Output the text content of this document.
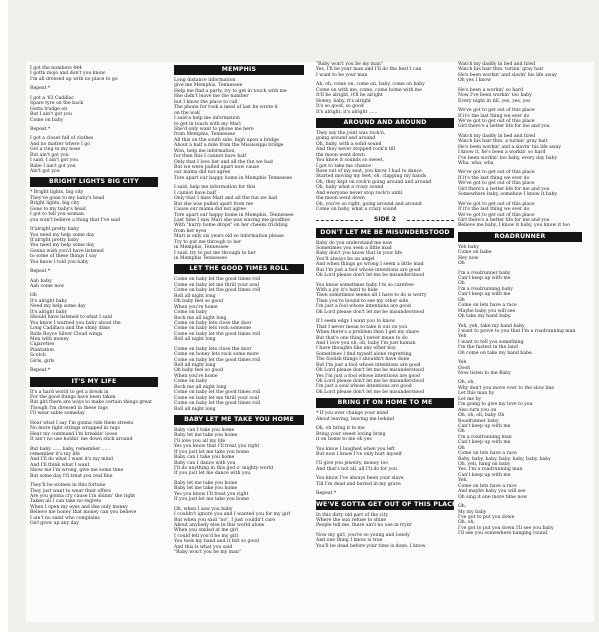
I got the numbers 444
I gotta mojo and don't you know
I'm all dressed up with no place to go
Repeat *
I got a '63 Cadillac
Spare tyre on the back
Gotta trudge on
But I ain't got you
Come on baby
Repeat *
I got a closet full of clothes
And no matter where I go
Got a ring in my nose
But ain't got you
I said, I ain't got you
Babe I ain't got you
Ain't got you
BRIGHT LIGHTS BIG CITY
* Bright lights, big city
They've gone to my baby's head
Bright lights, big city
Gone to my baby's head
I got to tell you woman
you won't believe a thing that I've said
It'alright pretty baby
You need my help some day
It'alright pretty baby
You need my help some day
Gonna wish you'd have listened
to some of these things I say
You know I told you baby
Repeat *
Aah baby
Aah come now
Oh
It's alright baby
Need my help some day
It's alright baby
Should have listened to what I said
You know I warned you baby about the
Long Cadillacs and the shiny dims
Rolls Royce Silver Cloud wings
Men with money
Cigarettes
Plantation
Scotch
Girls, girls
Repeat *
IT'S MY LIFE
It's a hard world to get a break in
For the good things have been taken
But girl there are ways to make certain things great
Though I'm dressed in these rags
I'll wear sable someday
Hear what I say I'm gonna ride them streets
No more tight strings wrapped in rags
Hear my command I'm breakin' loose
It ain't no use holdin' me down stick around
But baby ...... baby, remember ......
remember it's my life
And I'll do what I want it's my mind
And I'll think what I want
Show me I'm wrong, give me some time
But some day I'll treat you real fine
They'll be women in this fortune
They just want to wear their offers
Are you gonna cry cause I'm shinin' the right
Taken all I can take no regrets
When I open my eyes and like only money
Believe me honey that money can you believe
I ain't no saint who complains
Girl grow up any day
MEMPHIS
Long distance information
give me Memphis, Tennessee
Help me find a party, try to get in touch with me
She didn't leave me the number
but I know the place to call
The phone for took a meal of last he wrote it
on the wall
I said-a help me information
to get in touch with my Mari
She'd only want to phone me here
from Memphis, Tennessee
All this on the south side, high upon a bridge
About a half a mile from the Mississippi bridge
Won, help me information,
for then this I cannot have half
Only that I love her and all the fun we had
But we were pulled apart now cause
our mama did not agree
Tore apart our happy home in Memphis Tennessee
I said, help me information for this
I cannot have half
Only that I miss Mari and all the fun we had
But she was pulled apart from me
Cause our mama did not agree
Tore apart our happy home in Memphis, Tennessee
Last time I saw Mari she was waving me goodbye
With "hurry home drops" on her cheeks trickling
from her eyes
Mari is only six years old so information please
Try to put me through to her
in Memphis, Tennessee
I said, try to put me through to her
in Memphis Tennessee
LET THE GOOD TIMES ROLL
Come on baby let the good times roll
Come on baby let me thrill your soul
Come on baby let the good times roll
Roll all night long
Oh baby feel so good
When you're home
Come on baby
Rock me all night long
Come on baby lets close the door
Come on baby lets rock someone
Come on baby let the good times roll
Roll all night long
Come on baby lets close the door
Come on honey lets rock some more
Come on baby let the good times roll
Roll all night long
Oh baby feel so good
When you're home
Come on baby
Rock me all night long
Come on baby let the good times roll
Come on baby let me thrill your soul
Come on baby let the good times roll
Roll all night long
BABY LET ME TAKE YOU HOME
Baby can I take you home
Baby let me take you home
I'll love you all my life
Yes you know that I'll treat you right
If you just let me take you home
Baby can I take you home
Baby can I dance with you
I'll do anything in this god o' mighty world
If you just let me dance with you
Baby let me take you home
Baby let me take you home
Yes you know I'll treat you right
If you just let me take you home
Oh, when I saw you baby
I couldn't ignore you and I wanted you for my girl
But when you said "no", I just couldn't care
About anybody else in this world alone
When you smiled at me girl
I could tell you'd be my girl
You took my hand and it felt so good
And this is what you said
"Baby won't you be my man"
"Baby won't you be my man"
Yes, I'll be your man and I'll do the best I can
I want to be your man
Ah, oh, come on, come on, baby, come on baby
Come on with me, come, come home with me
It'll be alright, it'll be alright
Honey, baby, it's alright
It's so good, so good
It's alright, it's alright ......
AROUND AND AROUND
They say the joint was rock'n,
going around and around
Oh, baby, with a solid sound
And they never stopped rock'n till
the moon went down
You know it sounds so sweet,
I got to take me chance
Rose out of my seat, you know I had to dance
Started moving my feet, oh, clapping my hands
Oh, they kept on rock'n going around and around
Oh, baby what a crazy sound
And everyone never stop rock'n until
the moon went down
Oh, you're so right, going around and around
Come on baby, what a crazy sound
SIDE 2
DON'T LET ME BE MISUNDERSTOOD
Baby do you understand me now
Sometimes you seen a little mad
Baby don't you know that in your life
You'll always be an angel
And when things go wrong I seem a little mad
But I'm just a fool whose intentions are good
Oh Lord please don't let me be misunderstood
You know sometimes baby I'm so carefree
With a joy it's hard to hide
Then sometimes seems all I have to do is worry
Then you're bound to see my other side
I'm just a fool whose intentions are good
Oh Lord please don't let me be misunderstood
If I seem edgy I want you to know
That I never mean to take it out on you
When there's a problem then I get my share
But that's one thing I never mean to do
And I love you oh, oh, baby I'm just human
I have thoughts like any other boy
Sometimes I find myself alone regretting
The foolish things I shouldn't have done
But I'm just a fool whose intentions are good
Oh Lord please don't let me be misunderstood
Yes I'm just a fool whose intentions are good
Oh Lord please don't let me be misunderstood
I'm just a soul whose intentions are good
Oh Lord please don't let me be misunderstood
BRING IT ON HOME TO ME
* If you ever change your mind
About leaving, leaving me behind
Oh, oh bring it to me
Bring your sweet loving bring
it on home to me oh yes
You know I laughed when you left
But now I know I've only hurt myself
I'll give you jewelry, money too
And that's not all, all I'll do for you
You know I've always been your slave
Till I'm dead and buried in my grave
Repeat *
WE'VE GOTTA GET OUT OF THIS PLACE
In this dirty old part of the city
Where the sun refuse to shine
People tell me, there ain't no use in tryin'
Now my girl, you're so young and lonely
And one thing I know is true
You'll be dead before your time is done, I know
Watch my daddy in bed and tired
Watch his hair thin, turnin' gray hair
He's been workin' and slavin' his life away
Oh yes I know
He's been a workin' so hard
Now I've been workin' too baby
Every night in till, yes, yes, yes
We've got to get out of this place
If it's the last thing we ever do
We've got to get out of this place
Girl there's a better life for me and you
Watch my daddy in bed and tired
Watch his hair thin, a turnin' gray hair
He's been workin' and a slavin' his life away
I know it, he's been a workin' so hard
I've been workin' too baby, every day baby
Wha, wha, wha
We've got to get out of this place
If it's the last thing we ever do
We've got to get out of this place
Girl there's a better life for me and you
Somewhere baby, somehow I know it baby
We've got to get out of this place
If it's the last thing we ever do
We've got to get out of this place
Girl there's a better life for me and you
Believe me baby, I know it baby, you know it too
ROADRUNNER
Yeh baby
Come on babe
Hey now
Oh
I'm a roadrunner baby
Can't keep up with me
Oh
I'm a roadrunning baby
Can't keep up with me
Oh
Come on lets have a race
Maybe baby you will see
Oh take my hand baby.
Yeh, yeh, take my hand baby
I want to prove to you that I'm a roadrunning man
Yeh
I want to tell you something
I'm the fastest in the land
Oh come on take my hand babe.
Yeh
Oooh
Now listen to me Baby
Oh, oh,
Why don't you move over to the slow line
Let this man by
Let me by
I'm going to give my love to you
Also turn you on
Oh, oh, oh, baby Oh
Roadrunner baby
Can't keep up with me
Oh
I'm a roadrunning man
Can't keep up with me
Oh
Come on lets have a race
Baby, baby, baby, baby, baby, baby, baby
Oh, yeh, hang on baby
Yes, I'm a roadrunning man
Can't keep up with me
Yeh,
Come on lets have a race
And maybe baby you will see
Oh sing it one more time now
Oh,
My my baby
I've got to put you down
Oh, oh,
I've got to put you down I'll see you baby
I'll see you somewhere hanging round.
